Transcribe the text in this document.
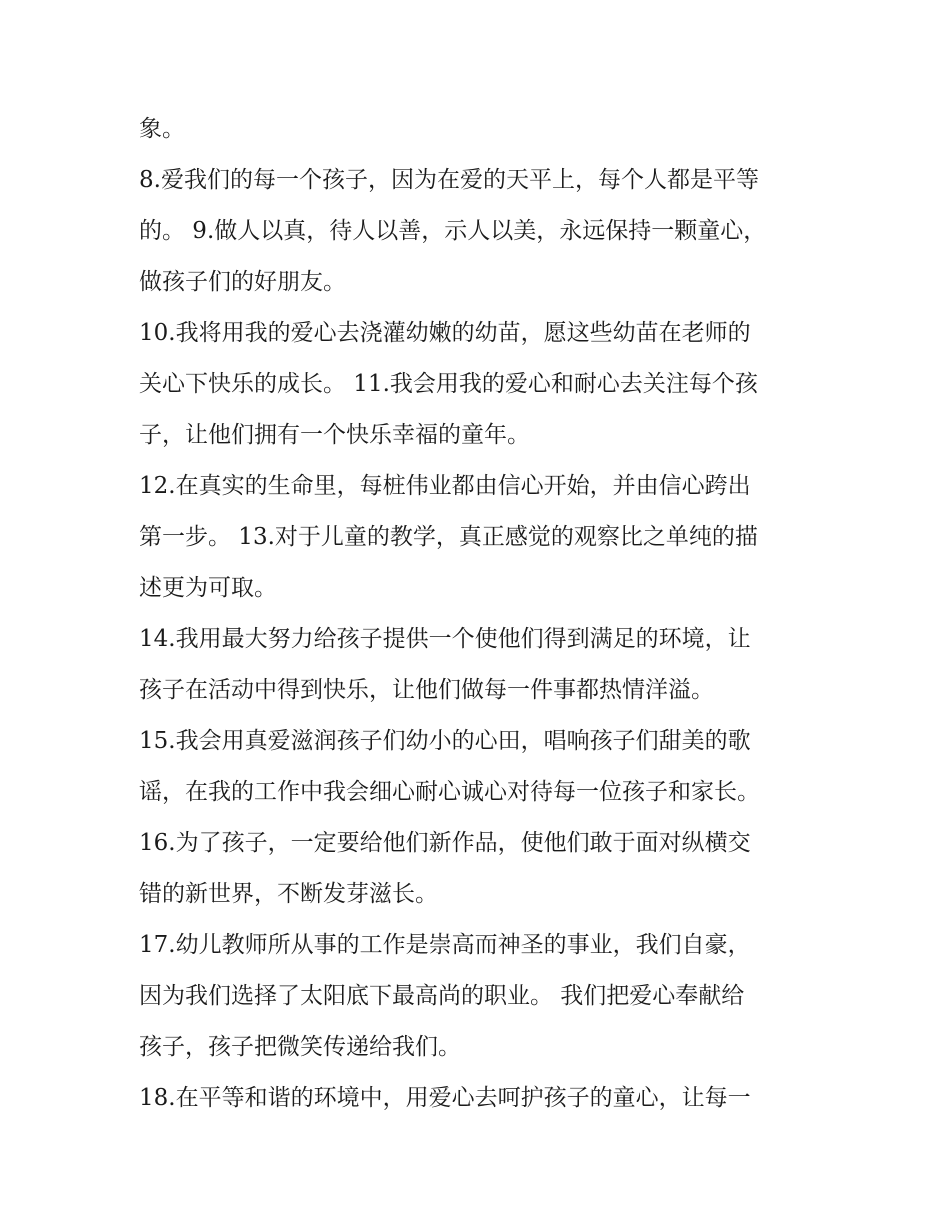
象。
8.爱我们的每一个孩子，因为在爱的天平上，每个人都是平等
的。 9.做人以真，待人以善，示人以美，永远保持一颗童心，
做孩子们的好朋友。
10.我将用我的爱心去浇灌幼嫩的幼苗，愿这些幼苗在老师的
关心下快乐的成长。 11.我会用我的爱心和耐心去关注每个孩
子，让他们拥有一个快乐幸福的童年。
12.在真实的生命里，每桩伟业都由信心开始，并由信心跨出
第一步。 13.对于儿童的教学，真正感觉的观察比之单纯的描
述更为可取。
14.我用最大努力给孩子提供一个使他们得到满足的环境，让
孩子在活动中得到快乐，让他们做每一件事都热情洋溢。
15.我会用真爱滋润孩子们幼小的心田，唱响孩子们甜美的歌
谣，在我的工作中我会细心耐心诚心对待每一位孩子和家长。
16.为了孩子，一定要给他们新作品，使他们敢于面对纵横交
错的新世界，不断发芽滋长。
17.幼儿教师所从事的工作是崇高而神圣的事业，我们自豪，
因为我们选择了太阳底下最高尚的职业。 我们把爱心奉献给
孩子，孩子把微笑传递给我们。
18.在平等和谐的环境中，用爱心去呵护孩子的童心，让每一
